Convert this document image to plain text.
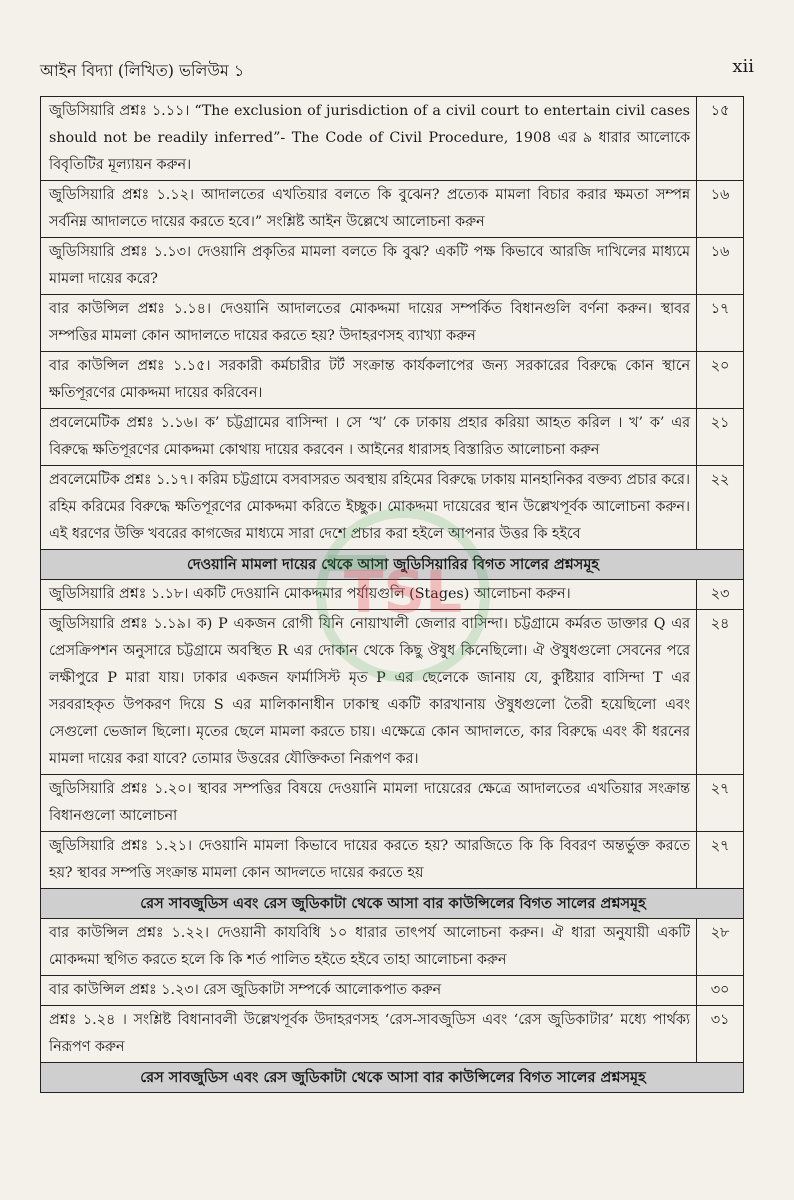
আইন বিদ্যা (লিখিত) ভলিউম ১	xii
জুডিসিয়ারি প্রশ্নঃ ১.১১। “The exclusion of jurisdiction of a civil court to entertain civil cases should not be readily inferred”- The Code of Civil Procedure, 1908 এর ৯ ধারার আলোকে বিবৃতিটির মূল্যায়ন করুন।	১৫
জুডিসিয়ারি প্রশ্নঃ ১.১২। আদালতের এখতিয়ার বলতে কি বুঝেন? প্রত্যেক মামলা বিচার করার ক্ষমতা সম্পন্ন সর্বনিম্ন আদালতে দায়ের করতে হবে।” সংশ্লিষ্ট আইন উল্লেখে আলোচনা করুন	১৬
জুডিসিয়ারি প্রশ্নঃ ১.১৩। দেওয়ানি প্রকৃতির মামলা বলতে কি বুঝ? একটি পক্ষ কিভাবে আরজি দাখিলের মাধ্যমে মামলা দায়ের করে?	১৬
বার কাউন্সিল প্রশ্নঃ ১.১৪। দেওয়ানি আদালতের মোকদ্দমা দায়ের সম্পর্কিত বিধানগুলি বর্ণনা করুন। স্থাবর সম্পত্তির মামলা কোন আদালতে দায়ের করতে হয়? উদাহরণসহ ব্যাখ্যা করুন	১৭
বার কাউন্সিল প্রশ্নঃ ১.১৫। সরকারী কর্মচারীর টর্ট সংক্রান্ত কার্যকলাপের জন্য সরকারের বিরুদ্ধে কোন স্থানে ক্ষতিপূরণের মোকদ্দমা দায়ের করিবেন।	২০
প্রবলেমেটিক প্রশ্নঃ ১.১৬। ক’ চট্টগ্রামের বাসিন্দা । সে ‘খ’ কে ঢাকায় প্রহার করিয়া আহত করিল । খ’ ক’ এর বিরুদ্ধে ক্ষতিপূরণের মোকদ্দমা কোথায় দায়ের করবেন । আইনের ধারাসহ বিস্তারিত আলোচনা করুন	২১
প্রবলেমেটিক প্রশ্নঃ ১.১৭। করিম চট্টগ্রামে বসবাসরত অবস্থায় রহিমের বিরুদ্ধে ঢাকায় মানহানিকর বক্তব্য প্রচার করে। রহিম করিমের বিরুদ্ধে ক্ষতিপূরণের মোকদ্দমা করিতে ইচ্ছুক। মোকদ্দমা দায়েরের স্থান উল্লেখপূর্বক আলোচনা করুন।এই ধরণের উক্তি খবরের কাগজের মাধ্যমে সারা দেশে প্রচার করা হইলে আপনার উত্তর কি হইবে	২২
দেওয়ানি মামলা দায়ের থেকে আসা জুডিসিয়ারির বিগত সালের প্রশ্নসমূহ	
জুডিসিয়ারি প্রশ্নঃ ১.১৮। একটি দেওয়ানি মোকদ্দমার পর্যায়গুলি (Stages) আলোচনা করুন।	২৩
জুডিসিয়ারি প্রশ্নঃ ১.১৯। ক) P একজন রোগী যিনি নোয়াখালী জেলার বাসিন্দা। চট্টগ্রামে কর্মরত ডাক্তার Q এর প্রেসক্রিপশন অনুসারে চট্টগ্রামে অবস্থিত R এর দোকান থেকে কিছু ঔষুধ কিনেছিলো। ঐ ঔষুধগুলো সেবনের পরে লক্ষীপুরে P মারা যায়। ঢাকার একজন ফার্মাসিস্ট মৃত P এর ছেলেকে জানায় যে, কুষ্টিয়ার বাসিন্দা T এর সরবরাহকৃত উপকরণ দিয়ে S এর মালিকানাধীন ঢাকাস্থ একটি কারখানায় ঔষুধগুলো তৈরী হয়েছিলো এবং সেগুলো ভেজাল ছিলো। মৃতের ছেলে মামলা করতে চায়। এক্ষেত্রে কোন আদালতে, কার বিরুদ্ধে এবং কী ধরনের মামলা দায়ের করা যাবে? তোমার উত্তরের যৌক্তিকতা নিরূপণ কর।	২৪
জুডিসিয়ারি প্রশ্নঃ ১.২০। স্থাবর সম্পত্তির বিষয়ে দেওয়ানি মামলা দায়েরের ক্ষেত্রে আদালতের এখতিয়ার সংক্রান্ত বিধানগুলো আলোচনা	২৭
জুডিসিয়ারি প্রশ্নঃ ১.২১। দেওয়ানি মামলা কিভাবে দায়ের করতে হয়? আরজিতে কি কি বিবরণ অন্তর্ভুক্ত করতে হয়? স্থাবর সম্পত্তি সংক্রান্ত মামলা কোন আদলতে দায়ের করতে হয়	২৭
রেস সাবজুডিস এবং রেস জুডিকাটা থেকে আসা বার কাউন্সিলের বিগত সালের প্রশ্নসমূহ	
বার কাউন্সিল প্রশ্নঃ ১.২২। দেওয়ানী কাযবিধি ১০ ধারার তাৎপর্য আলোচনা করুন। ঐ ধারা অনুযায়ী একটি মোকদ্দমা স্থগিত করতে হলে কি কি শর্ত পালিত হইতে হইবে তাহা আলোচনা করুন	২৮
বার কাউন্সিল প্রশ্নঃ ১.২৩। রেস জুডিকাটা সম্পর্কে আলোকপাত করুন	৩০
প্রশ্নঃ ১.২৪ । সংশ্লিষ্ট বিধানাবলী উল্লেখপূর্বক উদাহরণসহ ‘রেস-সাবজুডিস এবং ‘রেস জুডিকাটার’ মধ্যে পার্থক্য নিরূপণ করুন	৩১
রেস সাবজুডিস এবং রেস জুডিকাটা থেকে আসা বার কাউন্সিলের বিগত সালের প্রশ্নসমূহ	
TSL
